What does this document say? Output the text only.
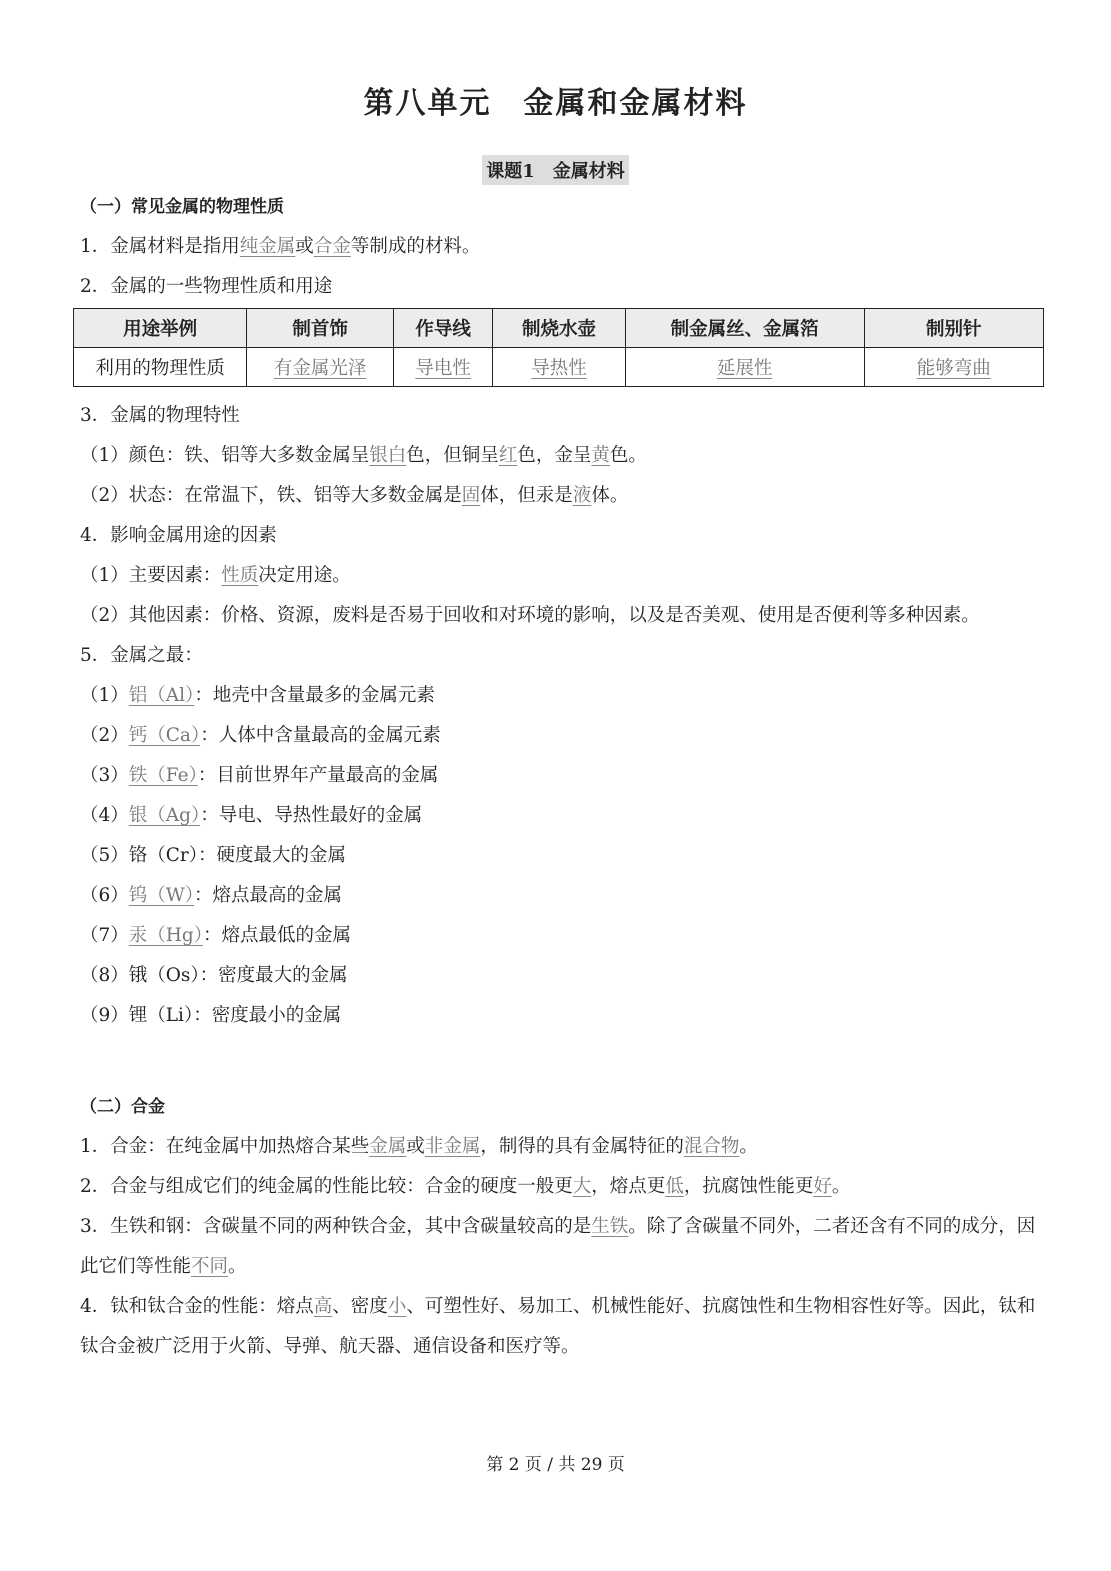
第八单元　金属和金属材料
课题1　金属材料
（一）常见金属的物理性质
1．金属材料是指用纯金属或合金等制成的材料。
2．金属的一些物理性质和用途
用途举例	制首饰	作导线	制烧水壶	制金属丝、金属箔	制别针
利用的物理性质	有金属光泽	导电性	导热性	延展性	能够弯曲
3．金属的物理特性
（1）颜色：铁、铝等大多数金属呈银白色，但铜呈红色，金呈黄色。
（2）状态：在常温下，铁、铝等大多数金属是固体，但汞是液体。
4．影响金属用途的因素
（1）主要因素：性质决定用途。
（2）其他因素：价格、资源，废料是否易于回收和对环境的影响，以及是否美观、使用是否便利等多种因素。
5．金属之最：
（1）铝（Al）：地壳中含量最多的金属元素
（2）钙（Ca）：人体中含量最高的金属元素
（3）铁（Fe）：目前世界年产量最高的金属
（4）银（Ag）：导电、导热性最好的金属
（5）铬（Cr）：硬度最大的金属
（6）钨（W）：熔点最高的金属
（7）汞（Hg）：熔点最低的金属
（8）锇（Os）：密度最大的金属
（9）锂（Li）：密度最小的金属
（二）合金
1．合金：在纯金属中加热熔合某些金属或非金属，制得的具有金属特征的混合物。
2．合金与组成它们的纯金属的性能比较：合金的硬度一般更大，熔点更低，抗腐蚀性能更好。
3．生铁和钢：含碳量不同的两种铁合金，其中含碳量较高的是生铁。除了含碳量不同外，二者还含有不同的成分，因此它们等性能不同。
4．钛和钛合金的性能：熔点高、密度小、可塑性好、易加工、机械性能好、抗腐蚀性和生物相容性好等。因此，钛和钛合金被广泛用于火箭、导弹、航天器、通信设备和医疗等。
第 2 页 / 共 29 页
